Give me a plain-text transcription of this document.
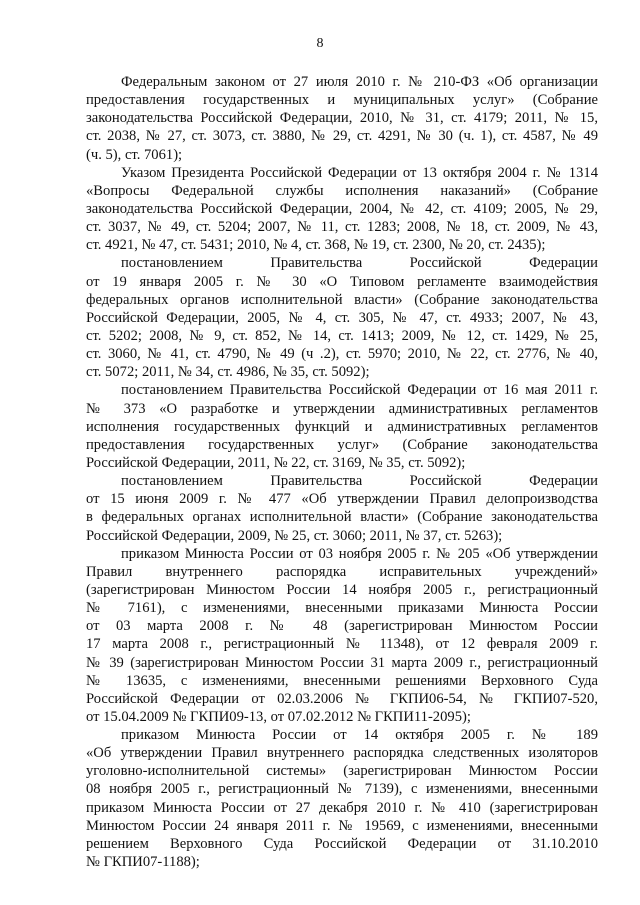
8

Федеральным законом от 27 июля 2010 г. № 210-ФЗ «Об организации
предоставления государственных и муниципальных услуг» (Собрание
законодательства Российской Федерации, 2010, № 31, ст. 4179; 2011, № 15,
ст. 2038, № 27, ст. 3073, ст. 3880, № 29, ст. 4291, № 30 (ч. 1), ст. 4587, № 49
(ч. 5), ст. 7061);
Указом Президента Российской Федерации от 13 октября 2004 г. № 1314
«Вопросы Федеральной службы исполнения наказаний» (Собрание
законодательства Российской Федерации, 2004, № 42, ст. 4109; 2005, № 29,
ст. 3037, № 49, ст. 5204; 2007, № 11, ст. 1283; 2008, № 18, ст. 2009, № 43,
ст. 4921, № 47, ст. 5431; 2010, № 4, ст. 368, № 19, ст. 2300, № 20, ст. 2435);
постановлением Правительства Российской Федерации
от 19 января 2005 г. № 30 «О Типовом регламенте взаимодействия
федеральных органов исполнительной власти» (Собрание законодательства
Российской Федерации, 2005, № 4, ст. 305, № 47, ст. 4933; 2007, № 43,
ст. 5202; 2008, № 9, ст. 852, № 14, ст. 1413; 2009, № 12, ст. 1429, № 25,
ст. 3060, № 41, ст. 4790, № 49 (ч .2), ст. 5970; 2010, № 22, ст. 2776, № 40,
ст. 5072; 2011, № 34, ст. 4986, № 35, ст. 5092);
постановлением Правительства Российской Федерации от 16 мая 2011 г.
№ 373 «О разработке и утверждении административных регламентов
исполнения государственных функций и административных регламентов
предоставления государственных услуг» (Собрание законодательства
Российской Федерации, 2011, № 22, ст. 3169, № 35, ст. 5092);
постановлением Правительства Российской Федерации
от 15 июня 2009 г. № 477 «Об утверждении Правил делопроизводства
в федеральных органах исполнительной власти» (Собрание законодательства
Российской Федерации, 2009, № 25, ст. 3060; 2011, № 37, ст. 5263);
приказом Минюста России от 03 ноября 2005 г. № 205 «Об утверждении
Правил внутреннего распорядка исправительных учреждений»
(зарегистрирован Минюстом России 14 ноября 2005 г., регистрационный
№ 7161), с изменениями, внесенными приказами Минюста России
от 03 марта 2008 г. № 48 (зарегистрирован Минюстом России
17 марта 2008 г., регистрационный № 11348), от 12 февраля 2009 г.
№ 39 (зарегистрирован Минюстом России 31 марта 2009 г., регистрационный
№ 13635, с изменениями, внесенными решениями Верховного Суда
Российской Федерации от 02.03.2006 № ГКПИ06-54, № ГКПИ07-520,
от 15.04.2009 № ГКПИ09-13, от 07.02.2012 № ГКПИ11-2095);
приказом Минюста России от 14 октября 2005 г. № 189
«Об утверждении Правил внутреннего распорядка следственных изоляторов
уголовно-исполнительной системы» (зарегистрирован Минюстом России
08 ноября 2005 г., регистрационный № 7139), с изменениями, внесенными
приказом Минюста России от 27 декабря 2010 г. № 410 (зарегистрирован
Минюстом России 24 января 2011 г. № 19569, с изменениями, внесенными
решением Верховного Суда Российской Федерации от 31.10.2010
№ ГКПИ07-1188);
